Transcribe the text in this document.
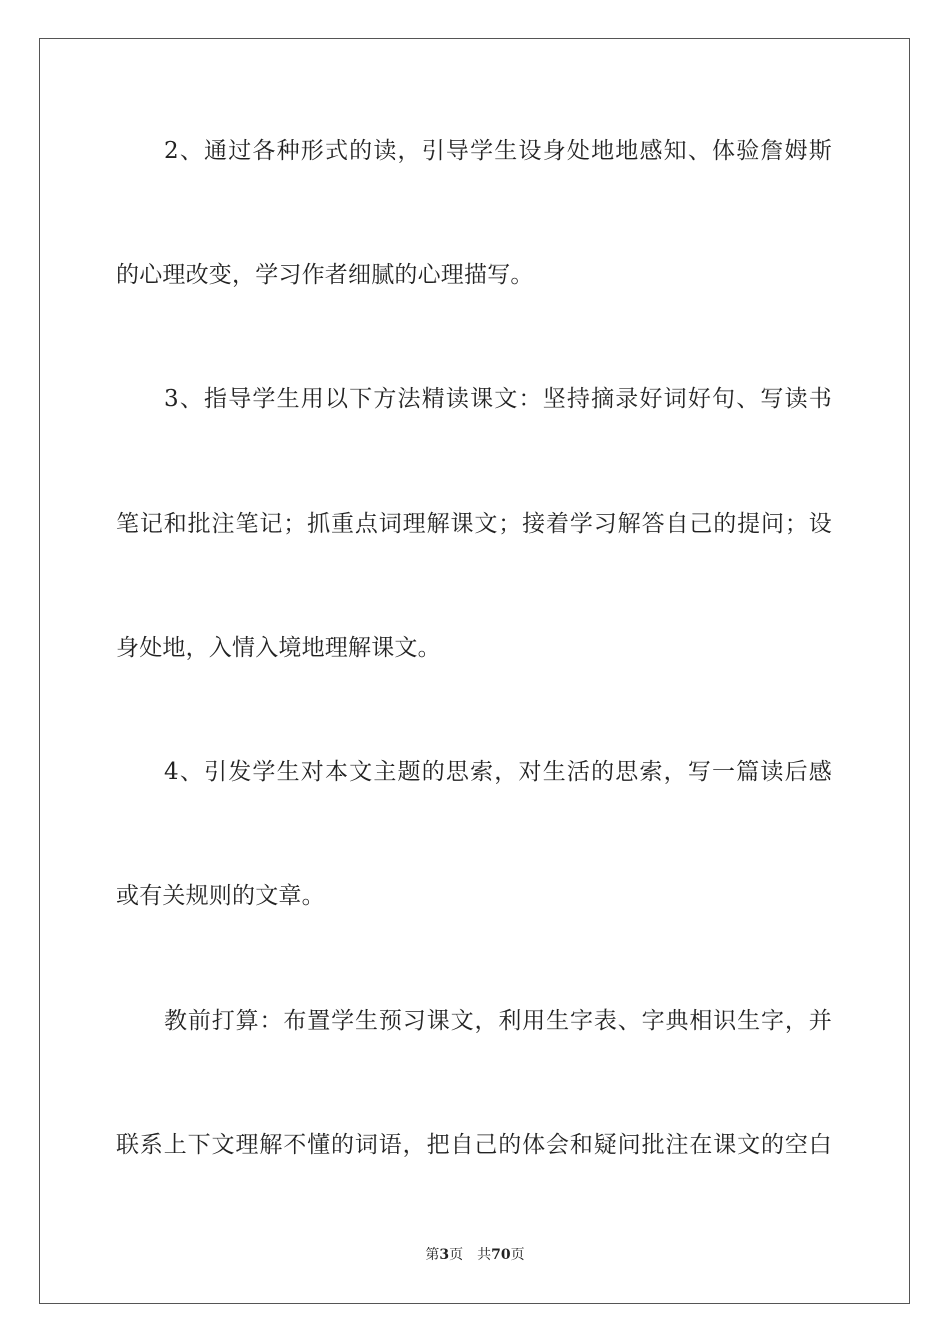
2、通过各种形式的读，引导学生设身处地地感知、体验詹姆斯
的心理改变，学习作者细腻的心理描写。
3、指导学生用以下方法精读课文：坚持摘录好词好句、写读书
笔记和批注笔记；抓重点词理解课文；接着学习解答自己的提问；设
身处地，入情入境地理解课文。
4、引发学生对本文主题的思索，对生活的思索，写一篇读后感
或有关规则的文章。
教前打算：布置学生预习课文，利用生字表、字典相识生字，并
联系上下文理解不懂的词语，把自己的体会和疑问批注在课文的空白
第3页 共70页
